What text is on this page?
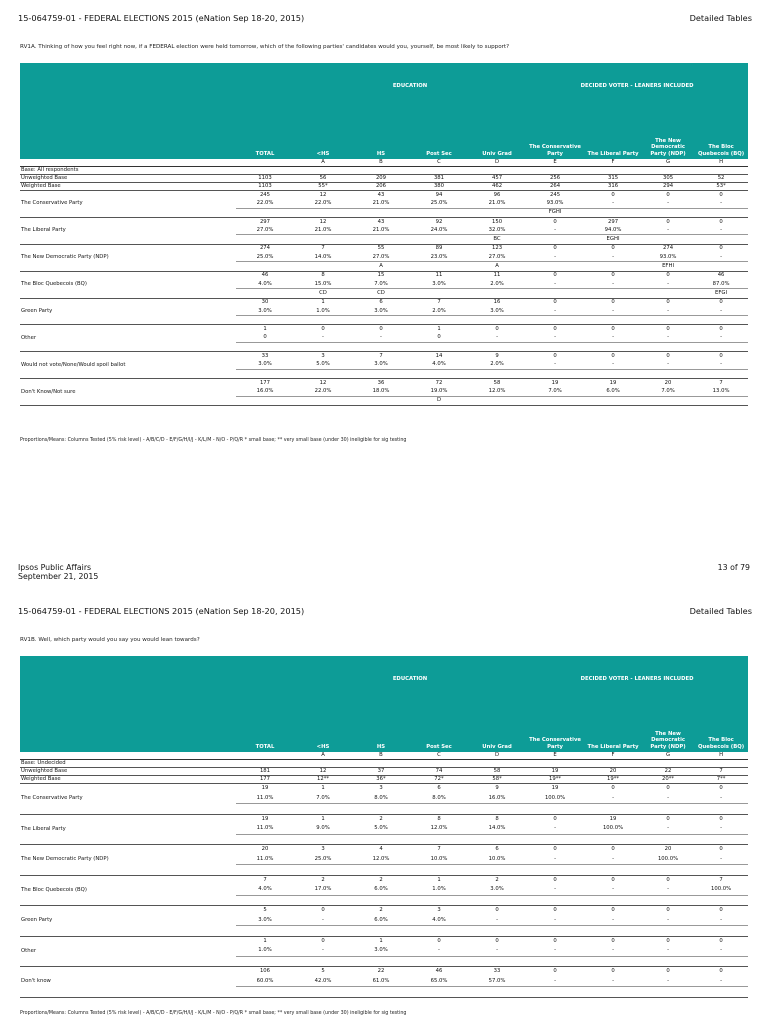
15-064759-01 - FEDERAL ELECTIONS 2015 (eNation Sep 18-20, 2015)	Detailed Tables
RV1A. Thinking of how you feel right now, if a FEDERAL election were held tomorrow, which of the following parties' candidates would you, yourself, be most likely to support?
		EDUCATION				DECIDED VOTER - LEANERS INCLUDED			
	TOTAL	<HS	HS	Post Sec	Univ Grad	The Conservative Party	The Liberal Party	The New Democratic Party (NDP)	The Bloc Quebecois (BQ)
		A	B	C	D	E	F	G	H
Base: All respondents									
Unweighted Base	1103	56	209	381	457	256	315	305	52
Weighted Base	1103	55*	206	380	462	264	316	294	53*
The Conservative Party	245	12	43	94	96	245	0	0	0
	22.0%	22.0%	21.0%	25.0%	21.0%	93.0%	-	-	-
						FGHI			
The Liberal Party	297	12	43	92	150	0	297	0	0
	27.0%	21.0%	21.0%	24.0%	32.0%	-	94.0%	-	-
					BC		EGHI		
The New Democratic Party (NDP)	274	7	55	89	123	0	0	274	0
	25.0%	14.0%	27.0%	23.0%	27.0%	-	-	93.0%	-
			A		A			EFHI	
The Bloc Quebecois (BQ)	46	8	15	11	11	0	0	0	46
	4.0%	15.0%	7.0%	3.0%	2.0%	-	-	-	87.0%
		CD	CD						EFGI
Green Party	30	1	6	7	16	0	0	0	0
	3.0%	1.0%	3.0%	2.0%	3.0%	-	-	-	-

Other	1	0	0	1	0	0	0	0	0
	0	-	-	0	-	-	-	-	-

Would not vote/None/Would spoil ballot	33	3	7	14	9	0	0	0	0
	3.0%	5.0%	3.0%	4.0%	2.0%	-	-	-	-

Don't Know/Not sure	177	12	36	72	58	19	19	20	7
	16.0%	22.0%	18.0%	19.0%	12.0%	7.0%	6.0%	7.0%	13.0%
				D					
Proportions/Means: Columns Tested (5% risk level) - A/B/C/D - E/F/G/H/I/J - K/L/M - N/O - P/Q/R * small base; ** very small base (under 30) ineligible for sig testing
Ipsos Public Affairs
September 21, 2015
13 of 79
15-064759-01 - FEDERAL ELECTIONS 2015 (eNation Sep 18-20, 2015)	Detailed Tables
RV1B. Well, which party would you say you would lean towards?
		EDUCATION				DECIDED VOTER - LEANERS INCLUDED			
	TOTAL	<HS	HS	Post Sec	Univ Grad	The Conservative Party	The Liberal Party	The New Democratic Party (NDP)	The Bloc Quebecois (BQ)
		A	B	C	D	E	F	G	H
Base: Undecided									
Unweighted Base	181	12	37	74	58	19	20	22	7
Weighted Base	177	12**	36*	72*	58*	19**	19**	20**	7**
The Conservative Party	19	1	3	6	9	19	0	0	0
	11.0%	7.0%	8.0%	8.0%	16.0%	100.0%	-	-	-

The Liberal Party	19	1	2	8	8	0	19	0	0
	11.0%	9.0%	5.0%	12.0%	14.0%	-	100.0%	-	-

The New Democratic Party (NDP)	20	3	4	7	6	0	0	20	0
	11.0%	25.0%	12.0%	10.0%	10.0%	-	-	100.0%	-

The Bloc Quebecois (BQ)	7	2	2	1	2	0	0	0	7
	4.0%	17.0%	6.0%	1.0%	3.0%	-	-	-	100.0%

Green Party	5	0	2	3	0	0	0	0	0
	3.0%	-	6.0%	4.0%	-	-	-	-	-

Other	1	0	1	0	0	0	0	0	0
	1.0%	-	3.0%	-	-	-	-	-	-

Don't know	106	5	22	46	33	0	0	0	0
	60.0%	42.0%	61.0%	65.0%	57.0%	-	-	-	-

Proportions/Means: Columns Tested (5% risk level) - A/B/C/D - E/F/G/H/I/J - K/L/M - N/O - P/Q/R * small base; ** very small base (under 30) ineligible for sig testing
